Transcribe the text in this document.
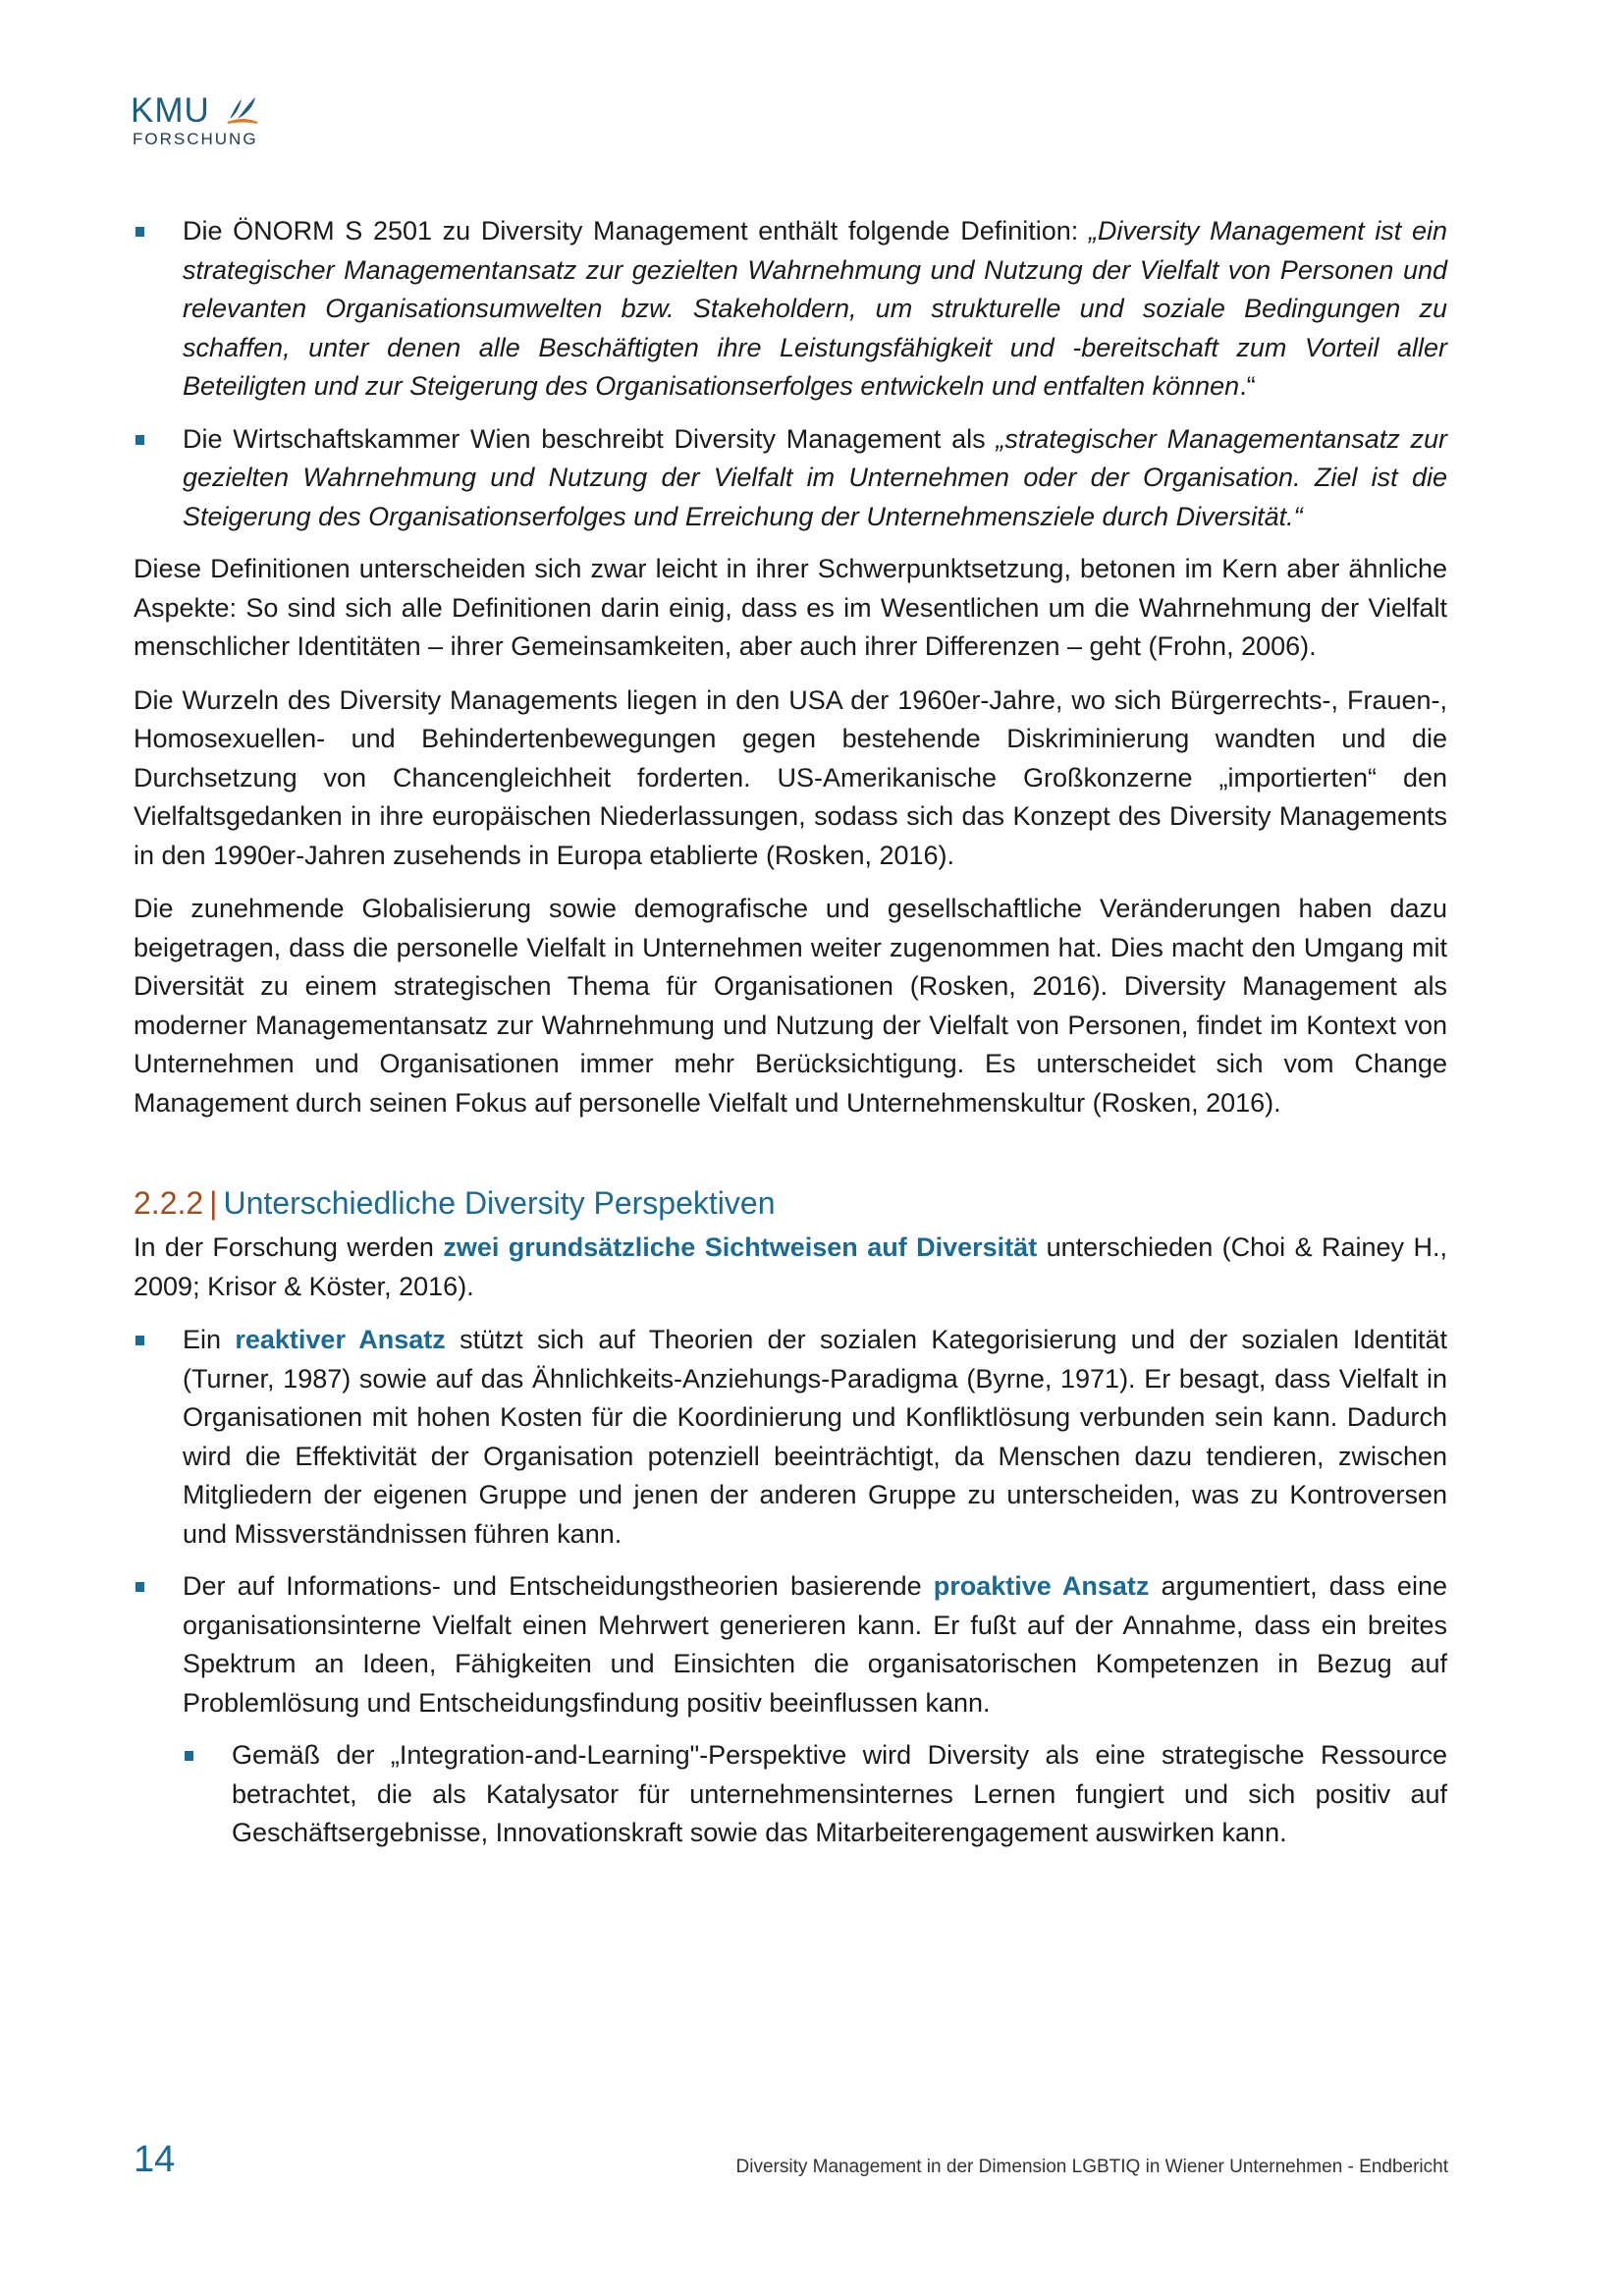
KMU
FORSCHUNG
Die ÖNORM S 2501 zu Diversity Management enthält folgende Definition: „Diversity Management ist ein strategischer Managementansatz zur gezielten Wahrnehmung und Nutzung der Vielfalt von Personen und relevanten Organisationsumwelten bzw. Stakeholdern, um strukturelle und soziale Bedingungen zu schaffen, unter denen alle Beschäftigten ihre Leistungsfähigkeit und -bereitschaft zum Vorteil aller Beteiligten und zur Steigerung des Organisationserfolges entwickeln und entfalten können.“
Die Wirtschaftskammer Wien beschreibt Diversity Management als „strategischer Managementansatz zur gezielten Wahrnehmung und Nutzung der Vielfalt im Unternehmen oder der Organisation. Ziel ist die Steigerung des Organisationserfolges und Erreichung der Unternehmensziele durch Diversität.“

Diese Definitionen unterscheiden sich zwar leicht in ihrer Schwerpunktsetzung, betonen im Kern aber ähnliche Aspekte: So sind sich alle Definitionen darin einig, dass es im Wesentlichen um die Wahrnehmung der Vielfalt menschlicher Identitäten – ihrer Gemeinsamkeiten, aber auch ihrer Differenzen – geht (Frohn, 2006).

Die Wurzeln des Diversity Managements liegen in den USA der 1960er-Jahre, wo sich Bürgerrechts-, Frauen-, Homosexuellen- und Behindertenbewegungen gegen bestehende Diskriminierung wandten und die Durchsetzung von Chancengleichheit forderten. US-Amerikanische Großkonzerne „importierten“ den Vielfaltsgedanken in ihre europäischen Niederlassungen, sodass sich das Konzept des Diversity Managements in den 1990er-Jahren zusehends in Europa etablierte (Rosken, 2016).

Die zunehmende Globalisierung sowie demografische und gesellschaftliche Veränderungen haben dazu beigetragen, dass die personelle Vielfalt in Unternehmen weiter zugenommen hat. Dies macht den Umgang mit Diversität zu einem strategischen Thema für Organisationen (Rosken, 2016). Diversity Management als moderner Managementansatz zur Wahrnehmung und Nutzung der Vielfalt von Personen, findet im Kontext von Unternehmen und Organisationen immer mehr Berücksichtigung. Es unterscheidet sich vom Change Management durch seinen Fokus auf personelle Vielfalt und Unternehmenskultur (Rosken, 2016).

2.2.2 | Unterschiedliche Diversity Perspektiven

In der Forschung werden zwei grundsätzliche Sichtweisen auf Diversität unterschieden (Choi & Rainey H., 2009; Krisor & Köster, 2016).

Ein reaktiver Ansatz stützt sich auf Theorien der sozialen Kategorisierung und der sozialen Identität (Turner, 1987) sowie auf das Ähnlichkeits-Anziehungs-Paradigma (Byrne, 1971). Er besagt, dass Vielfalt in Organisationen mit hohen Kosten für die Koordinierung und Konfliktlösung verbunden sein kann. Dadurch wird die Effektivität der Organisation potenziell beeinträchtigt, da Menschen dazu tendieren, zwischen Mitgliedern der eigenen Gruppe und jenen der anderen Gruppe zu unterscheiden, was zu Kontroversen und Missverständnissen führen kann.
Der auf Informations- und Entscheidungstheorien basierende proaktive Ansatz argumentiert, dass eine organisationsinterne Vielfalt einen Mehrwert generieren kann. Er fußt auf der Annahme, dass ein breites Spektrum an Ideen, Fähigkeiten und Einsichten die organisatorischen Kompetenzen in Bezug auf Problemlösung und Entscheidungsfindung positiv beeinflussen kann.
Gemäß der „Integration-and-Learning"-Perspektive wird Diversity als eine strategische Ressource betrachtet, die als Katalysator für unternehmensinternes Lernen fungiert und sich positiv auf Geschäftsergebnisse, Innovationskraft sowie das Mitarbeiterengagement auswirken kann.
14	Diversity Management in der Dimension LGBTIQ in Wiener Unternehmen - Endbericht
